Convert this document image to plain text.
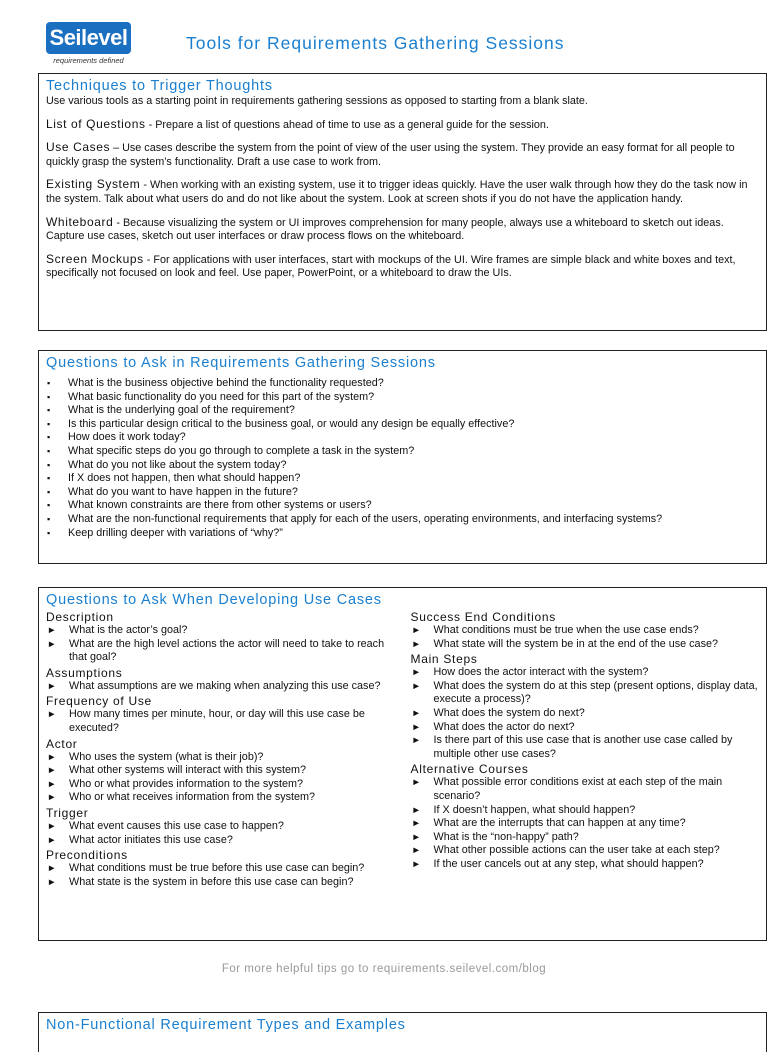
Seilevel
requirements defined
Tools for Requirements Gathering Sessions
Techniques to Trigger Thoughts
Use various tools as a starting point in requirements gathering sessions as opposed to starting from a blank slate.
List of Questions - Prepare a list of questions ahead of time to use as a general guide for the session.
Use Cases – Use cases describe the system from the point of view of the user using the system. They provide an easy format for all people to quickly grasp the system’s functionality. Draft a use case to work from.
Existing System - When working with an existing system, use it to trigger ideas quickly. Have the user walk through how they do the task now in the system. Talk about what users do and do not like about the system. Look at screen shots if you do not have the application handy.
Whiteboard - Because visualizing the system or UI improves comprehension for many people, always use a whiteboard to sketch out ideas. Capture use cases, sketch out user interfaces or draw process flows on the whiteboard.
Screen Mockups - For applications with user interfaces, start with mockups of the UI. Wire frames are simple black and white boxes and text, specifically not focused on look and feel. Use paper, PowerPoint, or a whiteboard to draw the UIs.
Questions to Ask in Requirements Gathering Sessions
▪ What is the business objective behind the functionality requested?
▪ What basic functionality do you need for this part of the system?
▪ What is the underlying goal of the requirement?
▪ Is this particular design critical to the business goal, or would any design be equally effective?
▪ How does it work today?
▪ What specific steps do you go through to complete a task in the system?
▪ What do you not like about the system today?
▪ If X does not happen, then what should happen?
▪ What do you want to have happen in the future?
▪ What known constraints are there from other systems or users?
▪ What are the non-functional requirements that apply for each of the users, operating environments, and interfacing systems?
▪ Keep drilling deeper with variations of “why?”
Questions to Ask When Developing Use Cases
Description
► What is the actor’s goal?
► What are the high level actions the actor will need to take to reach that goal?
Assumptions
► What assumptions are we making when analyzing this use case?
Frequency of Use
► How many times per minute, hour, or day will this use case be executed?
Actor
► Who uses the system (what is their job)?
► What other systems will interact with this system?
► Who or what provides information to the system?
► Who or what receives information from the system?
Trigger
► What event causes this use case to happen?
► What actor initiates this use case?
Preconditions
► What conditions must be true before this use case can begin?
► What state is the system in before this use case can begin?
Success End Conditions
► What conditions must be true when the use case ends?
► What state will the system be in at the end of the use case?
Main Steps
► How does the actor interact with the system?
► What does the system do at this step (present options, display data, execute a process)?
► What does the system do next?
► What does the actor do next?
► Is there part of this use case that is another use case called by multiple other use cases?
Alternative Courses
► What possible error conditions exist at each step of the main scenario?
► If X doesn’t happen, what should happen?
► What are the interrupts that can happen at any time?
► What is the “non-happy” path?
► What other possible actions can the user take at each step?
► If the user cancels out at any step, what should happen?
For more helpful tips go to requirements.seilevel.com/blog
Non-Functional Requirement Types and Examples
